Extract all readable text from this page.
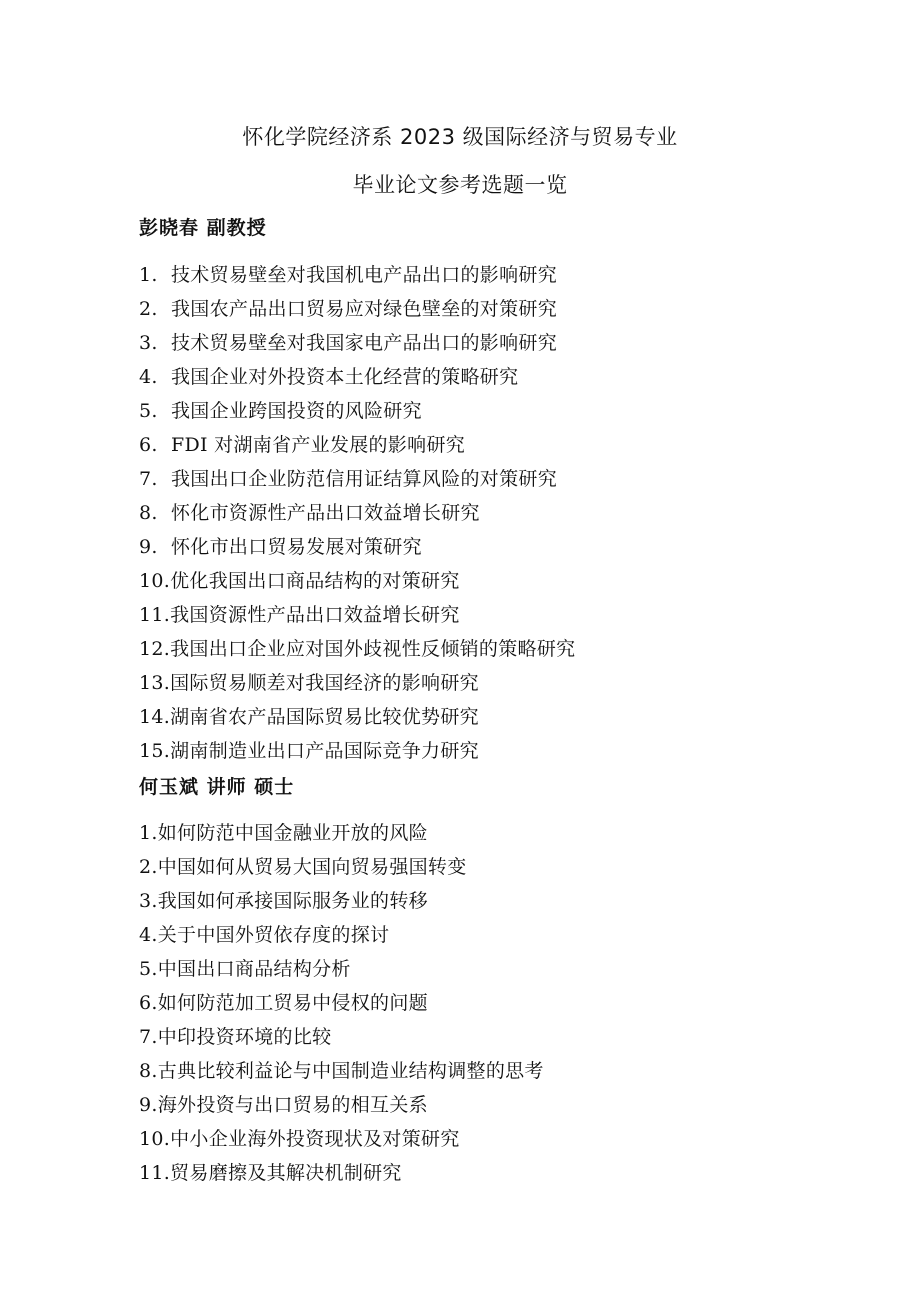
怀化学院经济系 2023 级国际经济与贸易专业
毕业论文参考选题一览
彭晓春 副教授
1. 技术贸易壁垒对我国机电产品出口的影响研究
2. 我国农产品出口贸易应对绿色壁垒的对策研究
3. 技术贸易壁垒对我国家电产品出口的影响研究
4. 我国企业对外投资本土化经营的策略研究
5. 我国企业跨国投资的风险研究
6. FDI 对湖南省产业发展的影响研究
7. 我国出口企业防范信用证结算风险的对策研究
8. 怀化市资源性产品出口效益增长研究
9. 怀化市出口贸易发展对策研究
10.优化我国出口商品结构的对策研究
11.我国资源性产品出口效益增长研究
12.我国出口企业应对国外歧视性反倾销的策略研究
13.国际贸易顺差对我国经济的影响研究
14.湖南省农产品国际贸易比较优势研究
15.湖南制造业出口产品国际竞争力研究
何玉斌 讲师 硕士
1.如何防范中国金融业开放的风险
2.中国如何从贸易大国向贸易强国转变
3.我国如何承接国际服务业的转移
4.关于中国外贸依存度的探讨
5.中国出口商品结构分析
6.如何防范加工贸易中侵权的问题
7.中印投资环境的比较
8.古典比较利益论与中国制造业结构调整的思考
9.海外投资与出口贸易的相互关系
10.中小企业海外投资现状及对策研究
11.贸易磨擦及其解决机制研究
